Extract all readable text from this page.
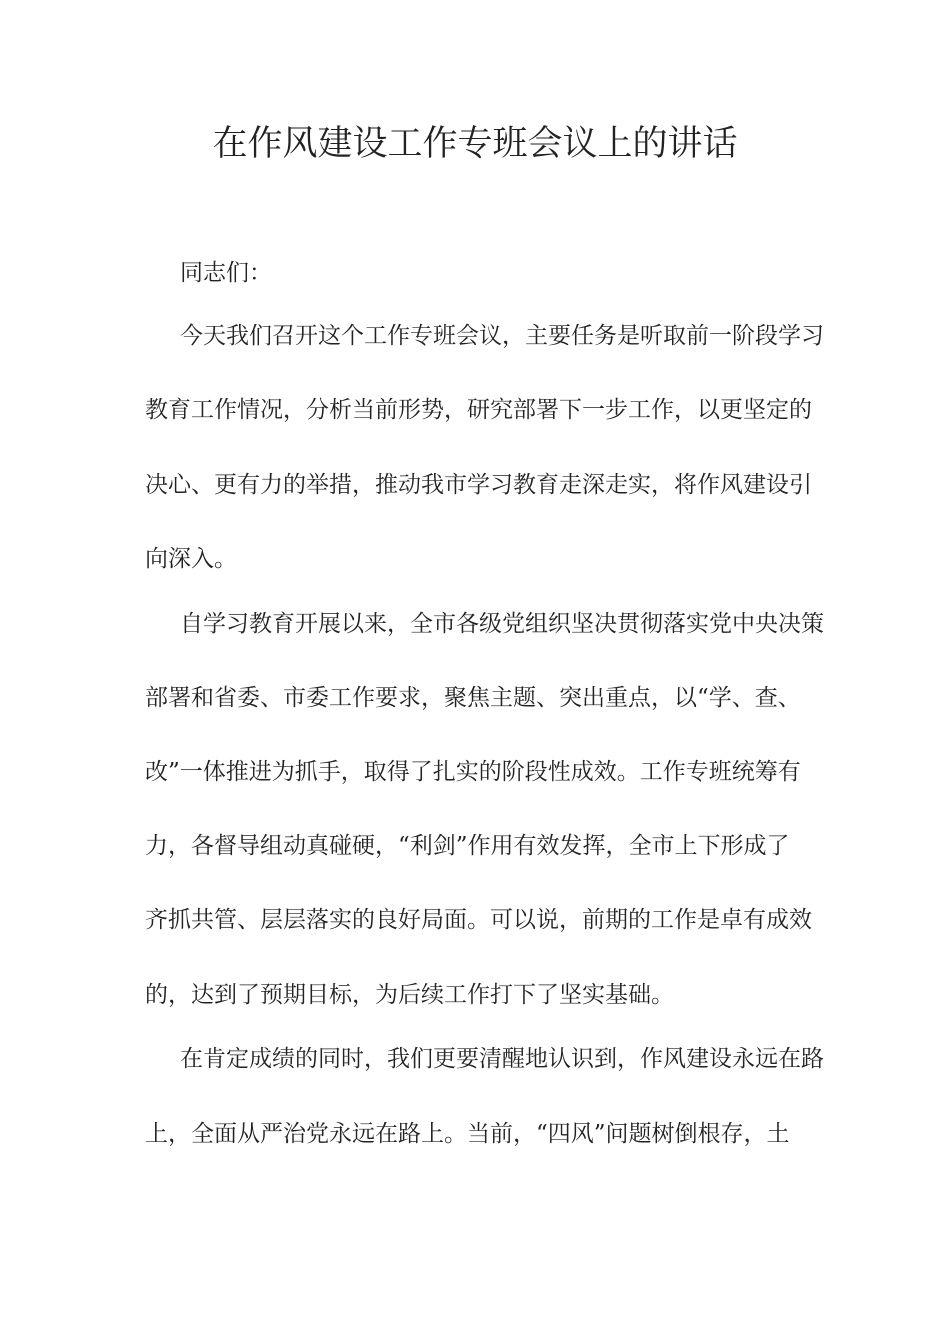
在作风建设工作专班会议上的讲话
同志们：
今天我们召开这个工作专班会议，主要任务是听取前一阶段学习
教育工作情况，分析当前形势，研究部署下一步工作，以更坚定的
决心、更有力的举措，推动我市学习教育走深走实，将作风建设引
向深入。
自学习教育开展以来，全市各级党组织坚决贯彻落实党中央决策
部署和省委、市委工作要求，聚焦主题、突出重点，以“学、查、
改”一体推进为抓手，取得了扎实的阶段性成效。工作专班统筹有
力，各督导组动真碰硬，“利剑”作用有效发挥，全市上下形成了
齐抓共管、层层落实的良好局面。可以说，前期的工作是卓有成效
的，达到了预期目标，为后续工作打下了坚实基础。
在肯定成绩的同时，我们更要清醒地认识到，作风建设永远在路
上，全面从严治党永远在路上。当前，“四风”问题树倒根存，土
